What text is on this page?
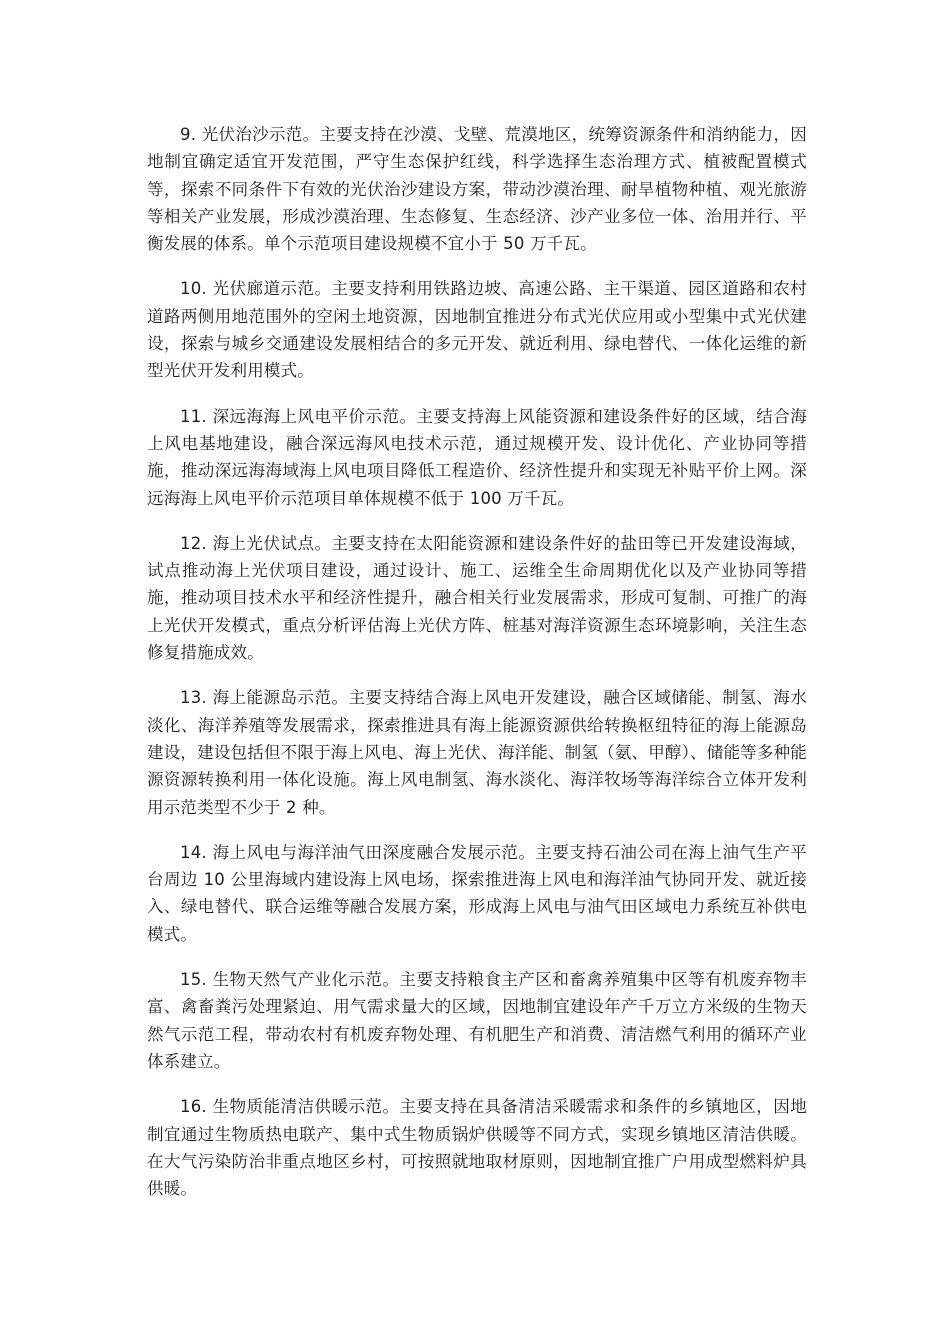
9. 光伏治沙示范。主要支持在沙漠、戈壁、荒漠地区，统筹资源条件和消纳能力，因地制宜确定适宜开发范围，严守生态保护红线，科学选择生态治理方式、植被配置模式等，探索不同条件下有效的光伏治沙建设方案，带动沙漠治理、耐旱植物种植、观光旅游等相关产业发展，形成沙漠治理、生态修复、生态经济、沙产业多位一体、治用并行、平衡发展的体系。单个示范项目建设规模不宜小于 50 万千瓦。

10. 光伏廊道示范。主要支持利用铁路边坡、高速公路、主干渠道、园区道路和农村道路两侧用地范围外的空闲土地资源，因地制宜推进分布式光伏应用或小型集中式光伏建设，探索与城乡交通建设发展相结合的多元开发、就近利用、绿电替代、一体化运维的新型光伏开发利用模式。

11. 深远海海上风电平价示范。主要支持海上风能资源和建设条件好的区域，结合海上风电基地建设，融合深远海风电技术示范，通过规模开发、设计优化、产业协同等措施，推动深远海海域海上风电项目降低工程造价、经济性提升和实现无补贴平价上网。深远海海上风电平价示范项目单体规模不低于 100 万千瓦。

12. 海上光伏试点。主要支持在太阳能资源和建设条件好的盐田等已开发建设海域，试点推动海上光伏项目建设，通过设计、施工、运维全生命周期优化以及产业协同等措施，推动项目技术水平和经济性提升，融合相关行业发展需求，形成可复制、可推广的海上光伏开发模式，重点分析评估海上光伏方阵、桩基对海洋资源生态环境影响，关注生态修复措施成效。

13. 海上能源岛示范。主要支持结合海上风电开发建设，融合区域储能、制氢、海水淡化、海洋养殖等发展需求，探索推进具有海上能源资源供给转换枢纽特征的海上能源岛建设，建设包括但不限于海上风电、海上光伏、海洋能、制氢（氨、甲醇）、储能等多种能源资源转换利用一体化设施。海上风电制氢、海水淡化、海洋牧场等海洋综合立体开发利用示范类型不少于 2 种。

14. 海上风电与海洋油气田深度融合发展示范。主要支持石油公司在海上油气生产平台周边 10 公里海域内建设海上风电场，探索推进海上风电和海洋油气协同开发、就近接入、绿电替代、联合运维等融合发展方案，形成海上风电与油气田区域电力系统互补供电模式。

15. 生物天然气产业化示范。主要支持粮食主产区和畜禽养殖集中区等有机废弃物丰富、禽畜粪污处理紧迫、用气需求量大的区域，因地制宜建设年产千万立方米级的生物天然气示范工程，带动农村有机废弃物处理、有机肥生产和消费、清洁燃气利用的循环产业体系建立。

16. 生物质能清洁供暖示范。主要支持在具备清洁采暖需求和条件的乡镇地区，因地制宜通过生物质热电联产、集中式生物质锅炉供暖等不同方式，实现乡镇地区清洁供暖。在大气污染防治非重点地区乡村，可按照就地取材原则，因地制宜推广户用成型燃料炉具供暖。
